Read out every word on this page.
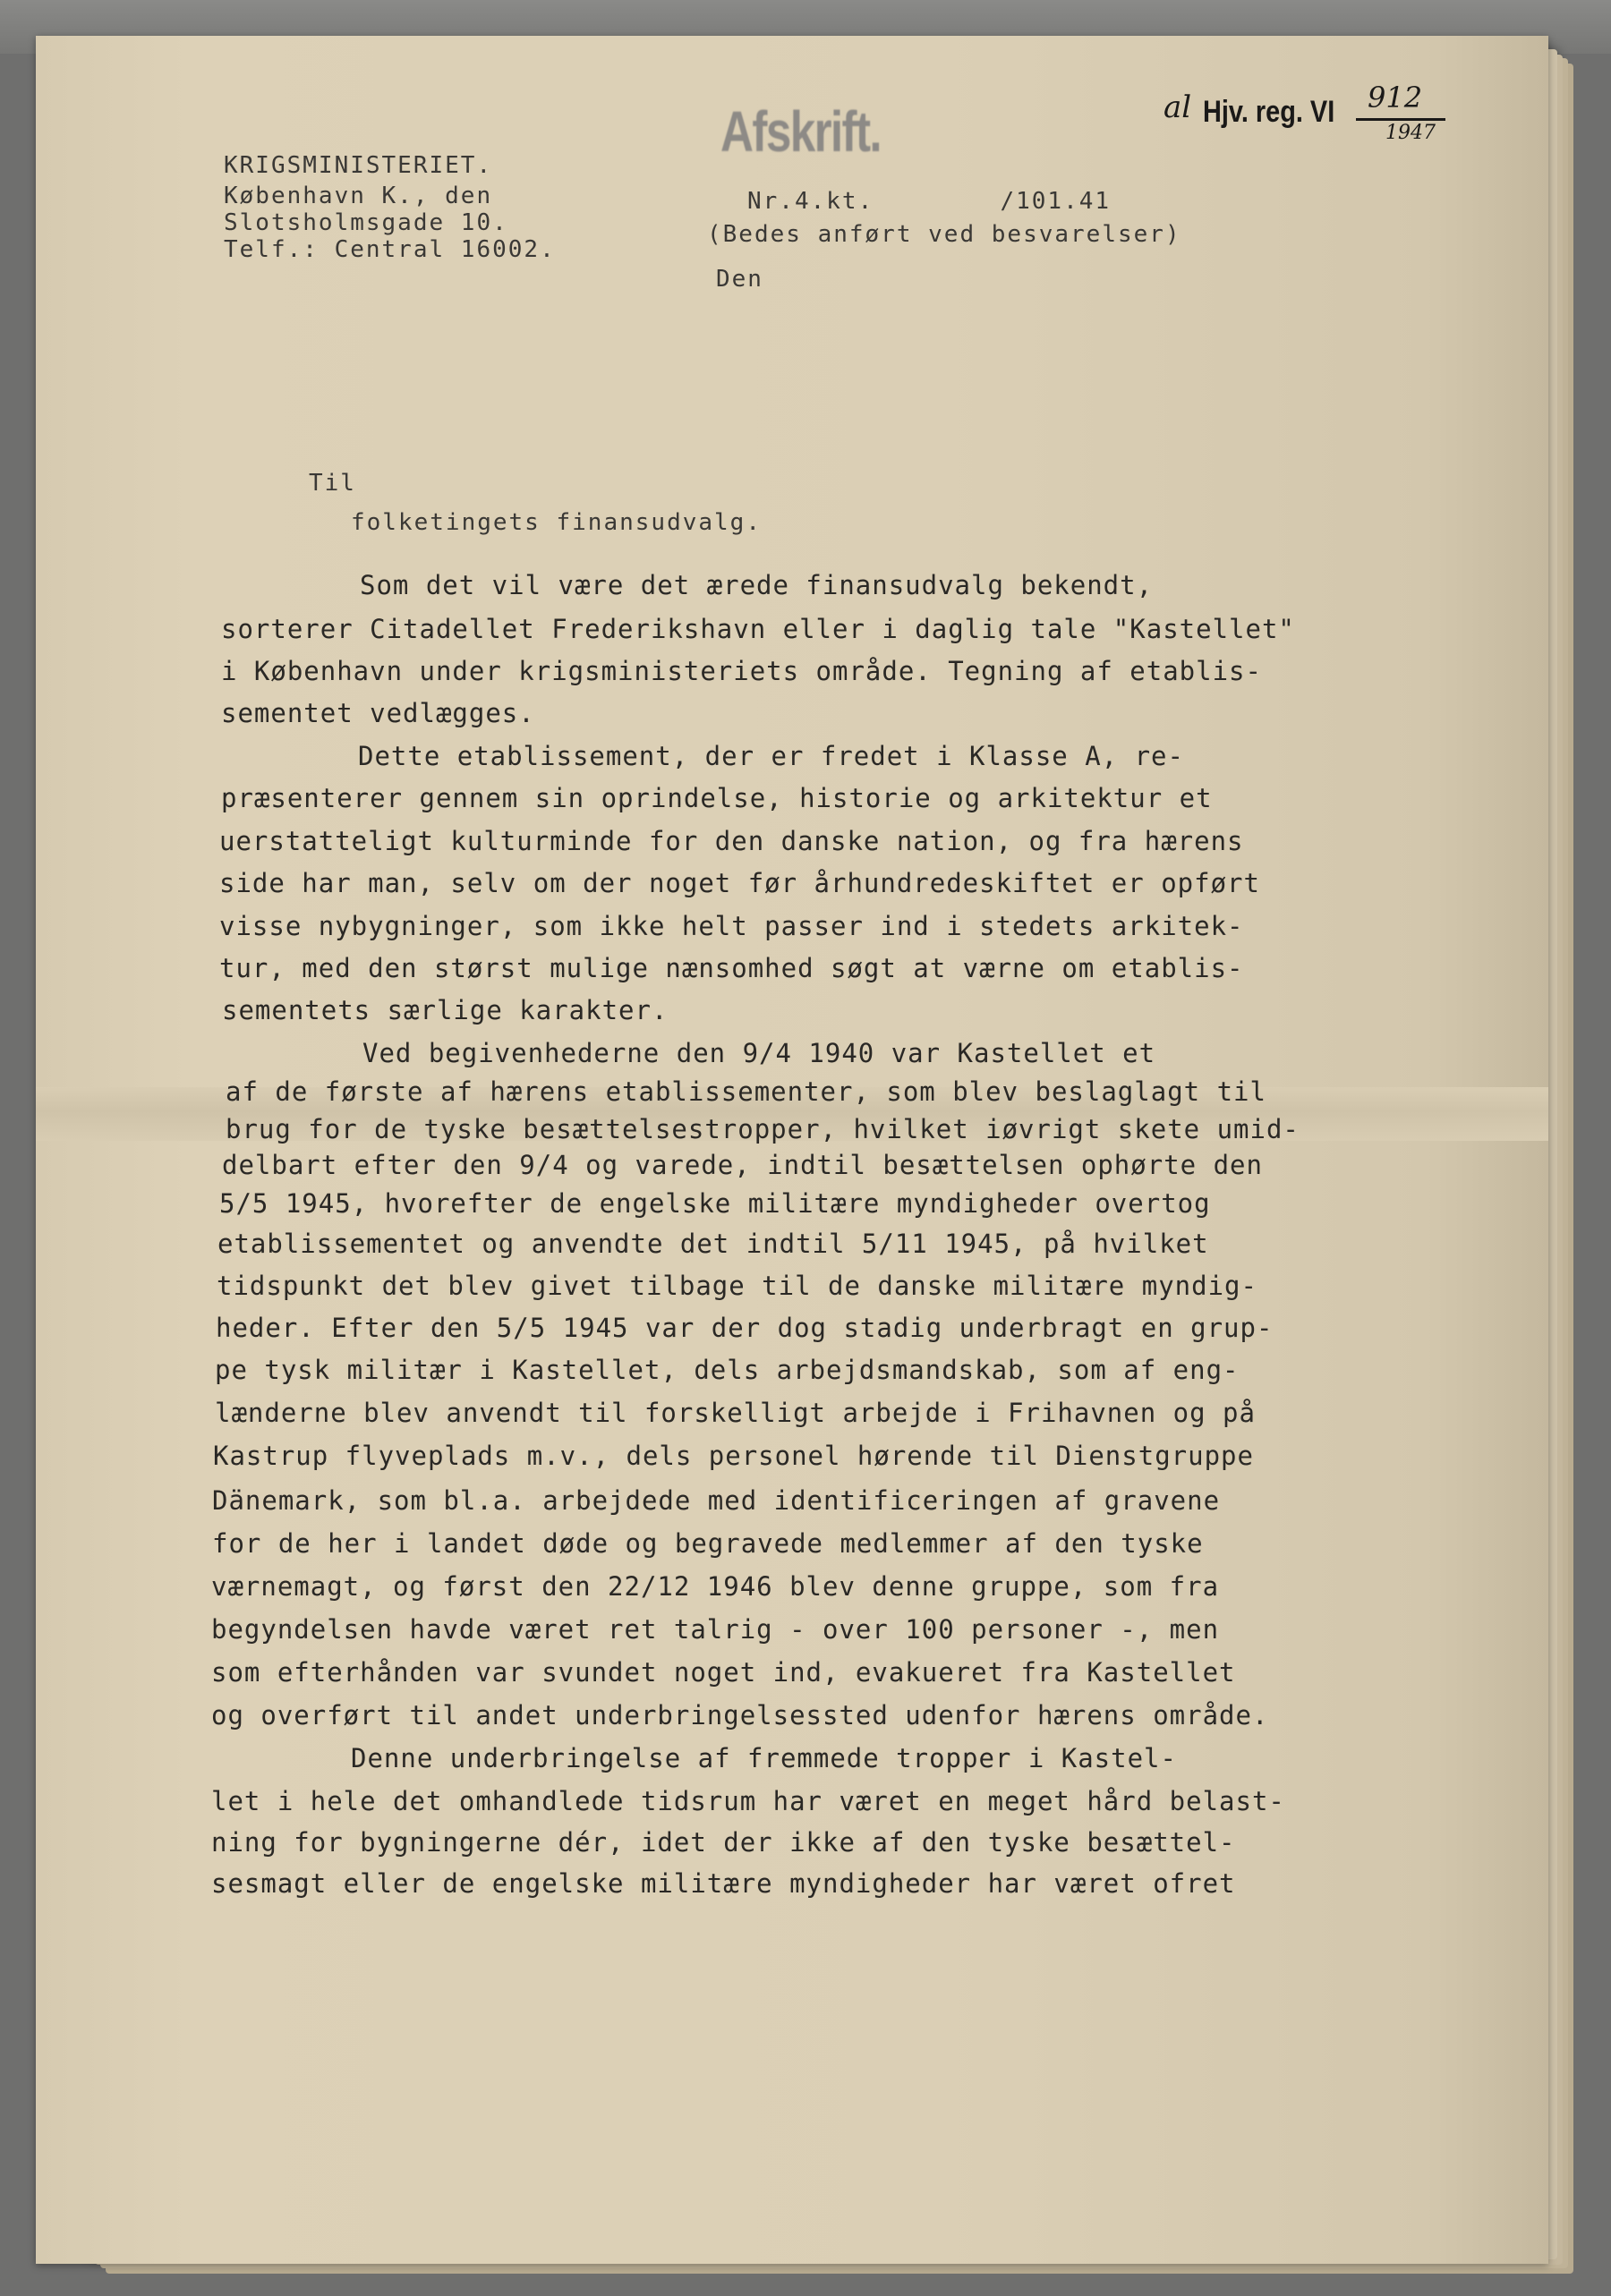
Afskrift.	al Hjv. reg. VI 912
1947
KRIGSMINISTERIET.
København K., den
Slotsholmsgade 10.
Telf.: Central 16002.
Nr.4.kt.        /101.41
(Bedes anført ved besvarelser)
Den
Til
folketingets finansudvalg.
Som det vil være det ærede finansudvalg bekendt,
sorterer Citadellet Frederikshavn eller i daglig tale "Kastellet"
i København under krigsministeriets område. Tegning af etablis-
sementet vedlægges.
Dette etablissement, der er fredet i Klasse A, re-
præsenterer gennem sin oprindelse, historie og arkitektur et
uerstatteligt kulturminde for den danske nation, og fra hærens
side har man, selv om der noget før århundredeskiftet er opført
visse nybygninger, som ikke helt passer ind i stedets arkitek-
tur, med den størst mulige nænsomhed søgt at værne om etablis-
sementets særlige karakter.
Ved begivenhederne den 9/4 1940 var Kastellet et
af de første af hærens etablissementer, som blev beslaglagt til
brug for de tyske besættelsestropper, hvilket iøvrigt skete umid-
delbart efter den 9/4 og varede, indtil besættelsen ophørte den
5/5 1945, hvorefter de engelske militære myndigheder overtog
etablissementet og anvendte det indtil 5/11 1945, på hvilket
tidspunkt det blev givet tilbage til de danske militære myndig-
heder. Efter den 5/5 1945 var der dog stadig underbragt en grup-
pe tysk militær i Kastellet, dels arbejdsmandskab, som af eng-
lænderne blev anvendt til forskelligt arbejde i Frihavnen og på
Kastrup flyveplads m.v., dels personel hørende til Dienstgruppe
Dänemark, som bl.a. arbejdede med identificeringen af gravene
for de her i landet døde og begravede medlemmer af den tyske
værnemagt, og først den 22/12 1946 blev denne gruppe, som fra
begyndelsen havde været ret talrig - over 100 personer -, men
som efterhånden var svundet noget ind, evakueret fra Kastellet
og overført til andet underbringelsessted udenfor hærens område.
Denne underbringelse af fremmede tropper i Kastel-
let i hele det omhandlede tidsrum har været en meget hård belast-
ning for bygningerne dér, idet der ikke af den tyske besættel-
sesmagt eller de engelske militære myndigheder har været ofret
